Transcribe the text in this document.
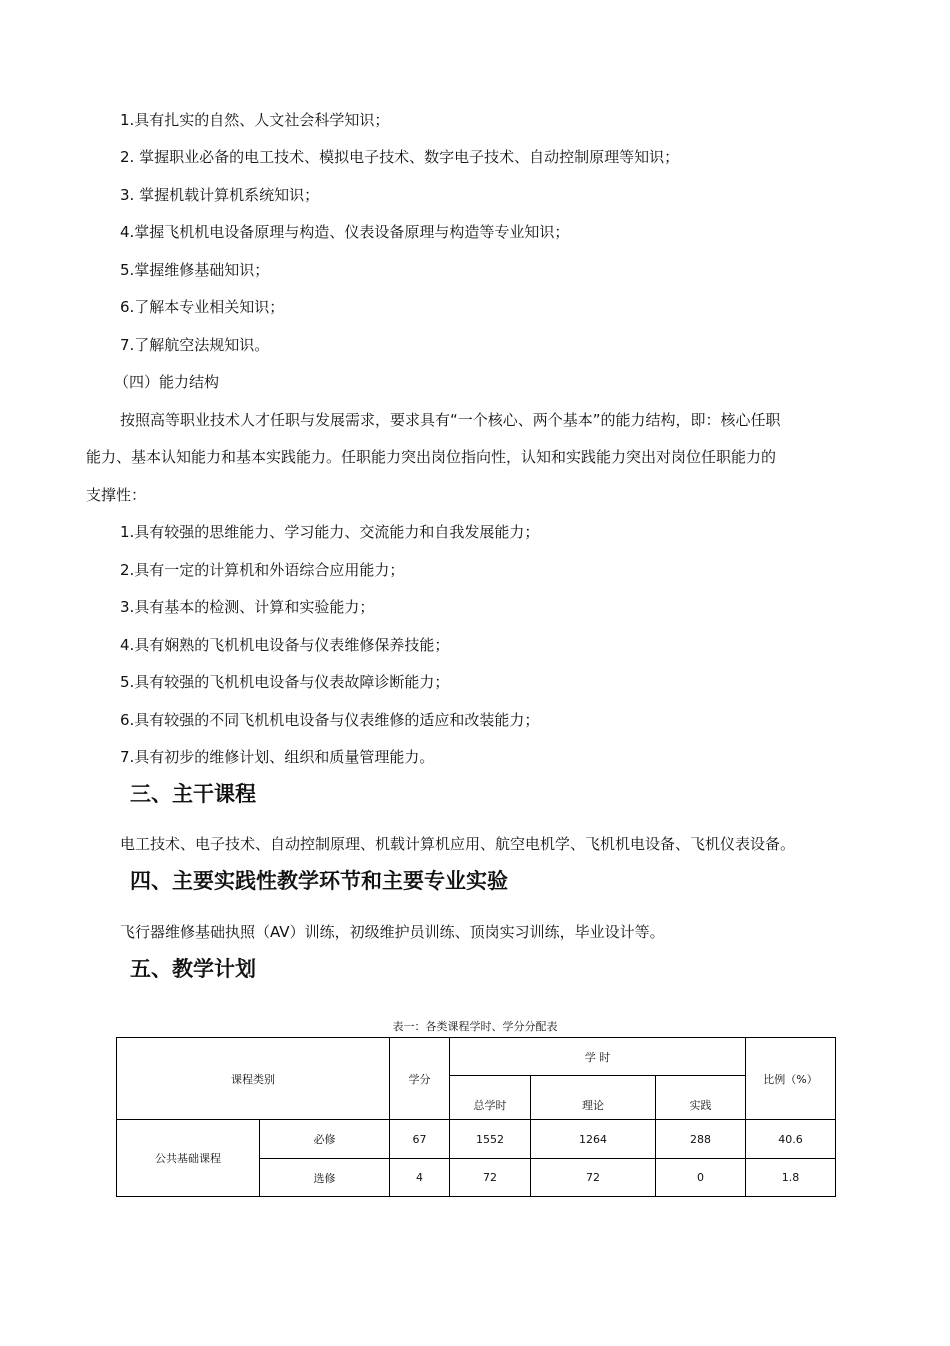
1.具有扎实的自然、人文社会科学知识；
2. 掌握职业必备的电工技术、模拟电子技术、数字电子技术、自动控制原理等知识；
3. 掌握机载计算机系统知识；
4.掌握飞机机电设备原理与构造、仪表设备原理与构造等专业知识；
5.掌握维修基础知识；
6.了解本专业相关知识；
7.了解航空法规知识。
（四）能力结构
按照高等职业技术人才任职与发展需求，要求具有“一个核心、两个基本”的能力结构，即：核心任职
能力、基本认知能力和基本实践能力。任职能力突出岗位指向性，认知和实践能力突出对岗位任职能力的
支撑性：
1.具有较强的思维能力、学习能力、交流能力和自我发展能力；
2.具有一定的计算机和外语综合应用能力；
3.具有基本的检测、计算和实验能力；
4.具有娴熟的飞机机电设备与仪表维修保养技能；
5.具有较强的飞机机电设备与仪表故障诊断能力；
6.具有较强的不同飞机机电设备与仪表维修的适应和改装能力；
7.具有初步的维修计划、组织和质量管理能力。
三、主干课程
电工技术、电子技术、自动控制原理、机载计算机应用、航空电机学、飞机机电设备、飞机仪表设备。
四、主要实践性教学环节和主要专业实验
飞行器维修基础执照（AV）训练，初级维护员训练、顶岗实习训练，毕业设计等。
五、教学计划
表一：各类课程学时、学分分配表
课程类别		学分	学 时			比例（%）
			总学时	理论	实践	
公共基础课程	必修	67	1552	1264	288	40.6
	选修	4	72	72	0	1.8
